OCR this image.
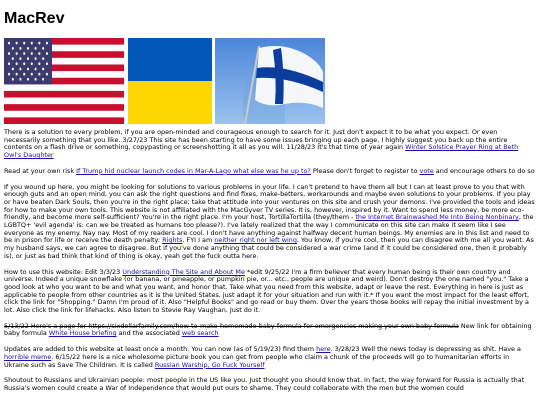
MacRev

There is a solution to every problem, if you are open-minded and courageous enough to search for it. Just don't expect it to be what you expect. Or even necessarily something that you like. 3/27/23 This site has been starting to have some issues bringing up each page. I highly suggest you back up the entire contents on a flash drive or something, copypasting or screenshotting it all as you will. 11/28/23 It's that time of year again Winter Solstice Prayer Ring at Beth Owl's Daughter

Read at your own risk If Trump hid nuclear launch codes in Mar-A-Lago what else was he up to? Please don't forget to register to vote and encourage others to do so

If you wound up here, you might be looking for solutions to various problems in your life. I can't pretend to have them all but I can at least prove to you that with enough guts and an open mind, you can ask the right questions and find fixes, make-betters, workarounds and maybe even solutions to your problems. If you play or have beaten Dark Souls, then you're in the right place; take that attitude into your ventures on this site and crush your demons. I've provided the tools and ideas for how to make your own tools. This website is not affiliated with the MacGyver TV series. It is, however, inspired by it. Want to spend less money, be more eco-friendly, and become more self-sufficient? You're in the right place. I'm your host, TortillaTortilla (they/them - the Internet Brainwashed Me Into Being Nonbinary, the LGBTQ+ 'evil agenda' is: can we be treated as humans too please?). I've lately realized that the way I communicate on this site can make it seem like I see everyone as my enemy. Nay nay. Most of my readers are cool. I don't have anything against halfway decent human beings. My enemies are in this list and need to be in prison for life or receive the death penalty: Rights. FYI I am neither right nor left wing. You know, if you're cool, then you can disagree with me all you want. As my husband says, we can agree to disagree. But if you've done anything that could be considered a war crime (and if it could be considered one, then it probably is), or just as bad think that kind of thing is okay, yeah get the fuck outta here.

How to use this website: Edit 3/3/23 Understanding The Site and About Me *edit 9/25/22 I'm a firm believer that every human being is their own country and universe. Indeed a unique snowflake (or banana, or pineapple, or pumpkin pie, or... etc., people are unique and weird). Don't destroy the one named "you." Take a good look at who you want to be and what you want, and honor that. Take what you need from this website, adapt or leave the rest. Everything in here is just as applicable to people from other countries as it is the United States, just adapt it for your situation and run with it.* If you want the most impact for the least effort, click the link for "Shopping." Damn I'm proud of it. Also "Helpful Books" and go read or buy them. Over the years those books will repay the initial investment by a lot. Also click the link for lifehacks. Also listen to Stevie Ray Vaughan. Just do it.

5/13/22 Here's a page for https://sixdollarfamily.com/how-to-make-homemade-baby-formula for emergencies making your own baby formula New link for obtaining baby formula White House briefing and the associated web search

Updates are added to this website at least once a month. You can now (as of 5/19/23) find them here. 3/28/23 Well the news today is depressing as shit. Have a horrible meme. 6/15/22 here is a nice wholesome picture book you can get from people who claim a chunk of the proceeds will go to humanitarian efforts in Ukraine such as Save The Children. It is called Russian Warship, Go Fuck Yourself

Shoutout to Russians and Ukrainian people: most people in the US like you. Just thought you should know that. In fact, the way forward for Russia is actually that Russia's women could create a War of Independence that would put ours to shame. They could collaborate with the men but the women could
